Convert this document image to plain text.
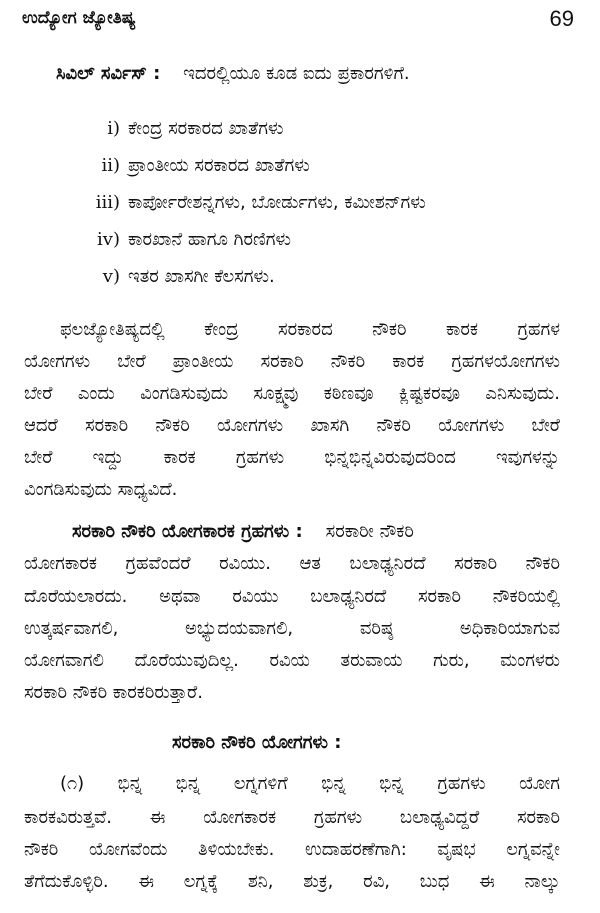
ಉದ್ಯೋಗ ಜ್ಯೋತಿಷ್ಯ	69
ಸಿವಿಲ್ ಸರ್ವಿಸ್ : ಇದರಲ್ಲಿಯೂ ಕೂಡ ಐದು ಪ್ರಕಾರಗಳಿಗೆ.
i) ಕೇಂದ್ರ ಸರಕಾರದ ಖಾತೆಗಳು
ii) ಪ್ರಾಂತೀಯ ಸರಕಾರದ ಖಾತೆಗಳು
iii) ಕಾರ್ಪೋರೇಶನ್ನಗಳು, ಬೋರ್ಡುಗಳು, ಕಮೀಶನ್‌ಗಳು
iv) ಕಾರಖಾನೆ ಹಾಗೂ ಗಿರಣಿಗಳು
v) ಇತರ ಖಾಸಗೀ ಕೆಲಸಗಳು.
ಫಲಜ್ಯೋತಿಷ್ಯದಲ್ಲಿ ಕೇಂದ್ರ ಸರಕಾರದ ನೌಕರಿ ಕಾರಕ ಗ್ರಹಗಳ
ಯೋಗಗಳು ಬೇರೆ ಪ್ರಾಂತೀಯ ಸರಕಾರಿ ನೌಕರಿ ಕಾರಕ ಗ್ರಹಗಳಯೋಗಗಳು
ಬೇರೆ ಎಂದು ವಿಂಗಡಿಸುವುದು ಸೂಕ್ಷ್ಮವು ಕಠಿಣವೂ ಕ್ಲಿಷ್ಟಕರವೂ ಎನಿಸುವುದು.
ಆದರೆ ಸರಕಾರಿ ನೌಕರಿ ಯೋಗಗಳು ಖಾಸಗಿ ನೌಕರಿ ಯೋಗಗಳು ಬೇರೆ
ಬೇರೆ ಇದ್ದು ಕಾರಕ ಗ್ರಹಗಳು ಭಿನ್ನಭಿನ್ನವಿರುವುದರಿಂದ ಇವುಗಳನ್ನು
ವಿಂಗಡಿಸುವುದು ಸಾಧ್ಯವಿದೆ.
ಸರಕಾರಿ ನೌಕರಿ ಯೋಗಕಾರಕ ಗ್ರಹಗಳು : ಸರಕಾರೀ ನೌಕರಿ
ಯೋಗಕಾರಕ ಗ್ರಹವೆಂದರೆ ರವಿಯು. ಆತ ಬಲಾಢ್ಯನಿರದೆ ಸರಕಾರಿ ನೌಕರಿ
ದೊರೆಯಲಾರದು. ಅಥವಾ ರವಿಯು ಬಲಾಢ್ಯನಿರದೆ ಸರಕಾರಿ ನೌಕರಿಯಲ್ಲಿ
ಉತ್ಕರ್ಷವಾಗಲಿ, ಅಭ್ಯುದಯವಾಗಲಿ, ವರಿಷ್ಠ ಅಧಿಕಾರಿಯಾಗುವ
ಯೋಗವಾಗಲಿ ದೊರೆಯುವುದಿಲ್ಲ. ರವಿಯ ತರುವಾಯ ಗುರು, ಮಂಗಳರು
ಸರಕಾರಿ ನೌಕರಿ ಕಾರಕರಿರುತ್ತಾರೆ.
ಸರಕಾರಿ ನೌಕರಿ ಯೋಗಗಳು :
(೧) ಭಿನ್ನ ಭಿನ್ನ ಲಗ್ನಗಳಿಗೆ ಭಿನ್ನ ಭಿನ್ನ ಗ್ರಹಗಳು ಯೋಗ
ಕಾರಕವಿರುತ್ತವೆ. ಈ ಯೋಗಕಾರಕ ಗ್ರಹಗಳು ಬಲಾಢ್ಯವಿದ್ದರೆ ಸರಕಾರಿ
ನೌಕರಿ ಯೋಗವೆಂದು ತಿಳಿಯಬೇಕು. ಉದಾಹರಣೆಗಾಗಿ: ವೃಷಭ ಲಗ್ನವನ್ನೇ
ತೆಗೆದುಕೊಳ್ಳಿರಿ. ಈ ಲಗ್ನಕ್ಕೆ ಶನಿ, ಶುಕ್ರ, ರವಿ, ಬುಧ ಈ ನಾಲ್ಕು
